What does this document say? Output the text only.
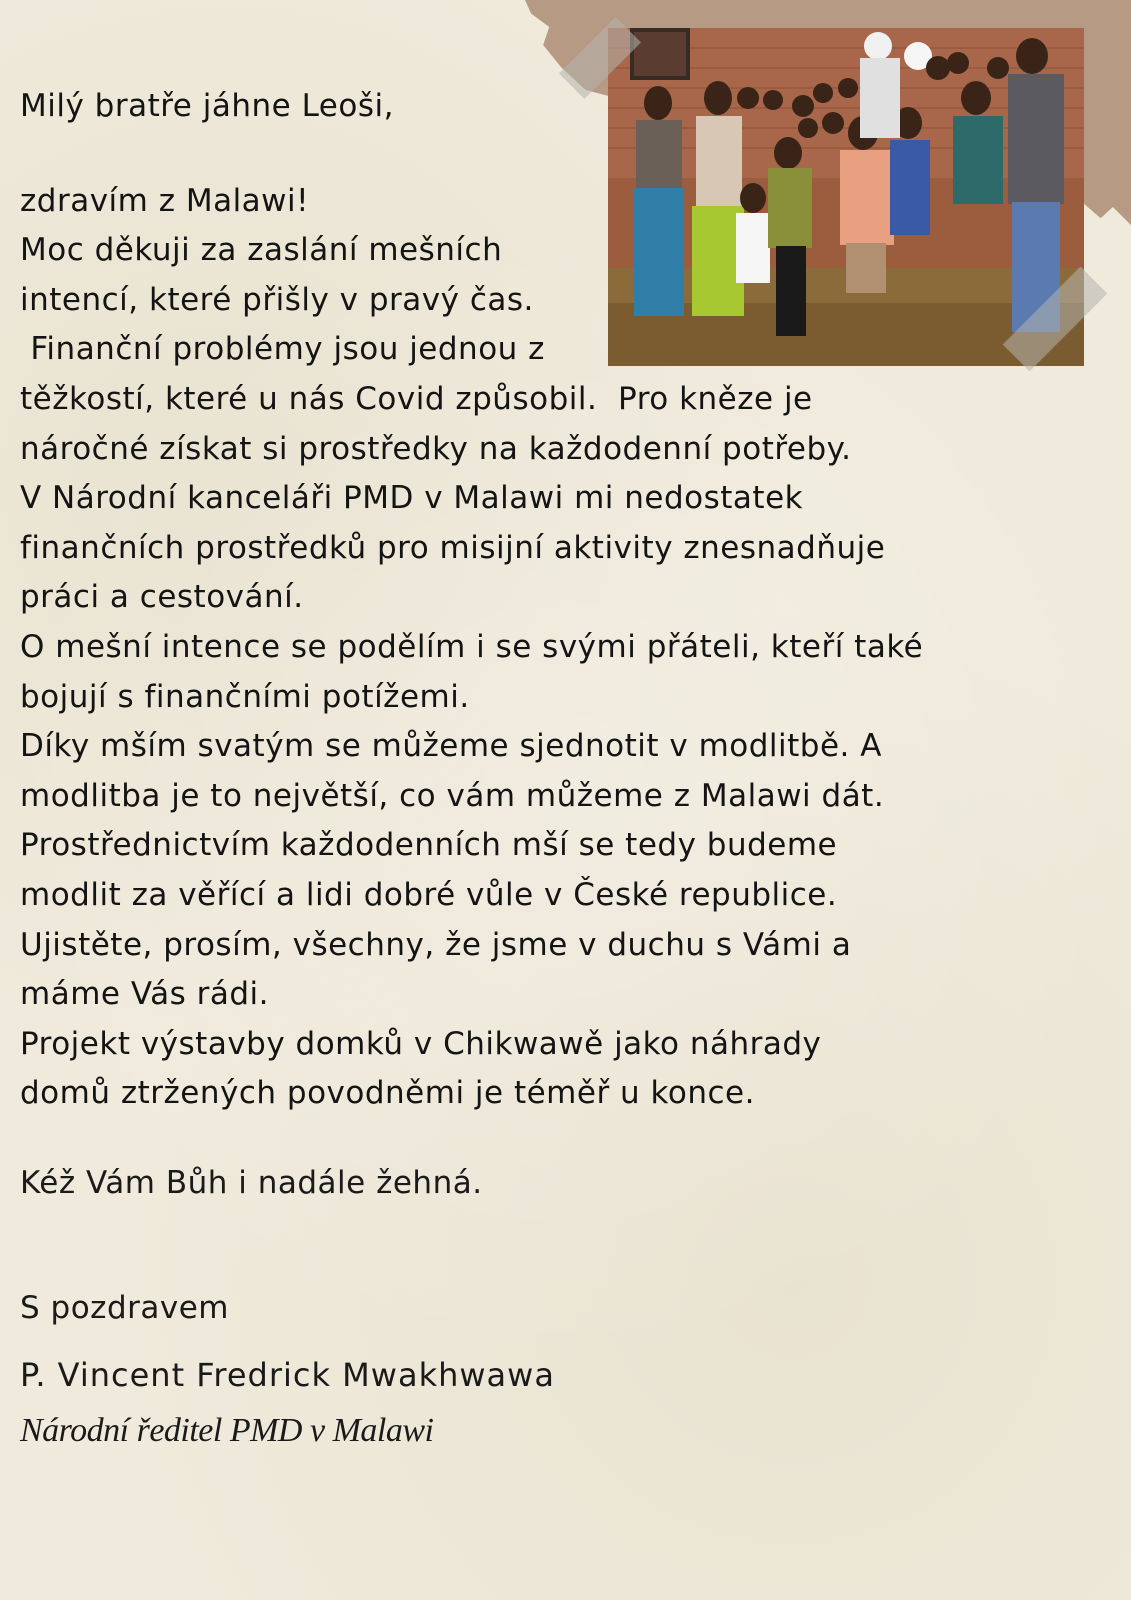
Milý bratře jáhne Leoši,
zdravím z Malawi!
Moc děkuji za zaslání mešních
intencí, které přišly v pravý čas.
Finanční problémy jsou jednou z
těžkostí, které u nás Covid způsobil.  Pro kněze je
náročné získat si prostředky na každodenní potřeby.
V Národní kanceláři PMD v Malawi mi nedostatek
finančních prostředků pro misijní aktivity znesnadňuje
práci a cestování.
O mešní intence se podělím i se svými přáteli, kteří také
bojují s finančními potížemi.
Díky mším svatým se můžeme sjednotit v modlitbě. A
modlitba je to největší, co vám můžeme z Malawi dát.
Prostřednictvím každodenních mší se tedy budeme
modlit za věřící a lidi dobré vůle v České republice.
Ujistěte, prosím, všechny, že jsme v duchu s Vámi a
máme Vás rádi.
Projekt výstavby domků v Chikwawě jako náhrady
domů ztržených povodněmi je téměř u konce.
Kéž Vám Bůh i nadále žehná.
S pozdravem
P. Vincent Fredrick Mwakhwawa
Národní ředitel PMD v Malawi
